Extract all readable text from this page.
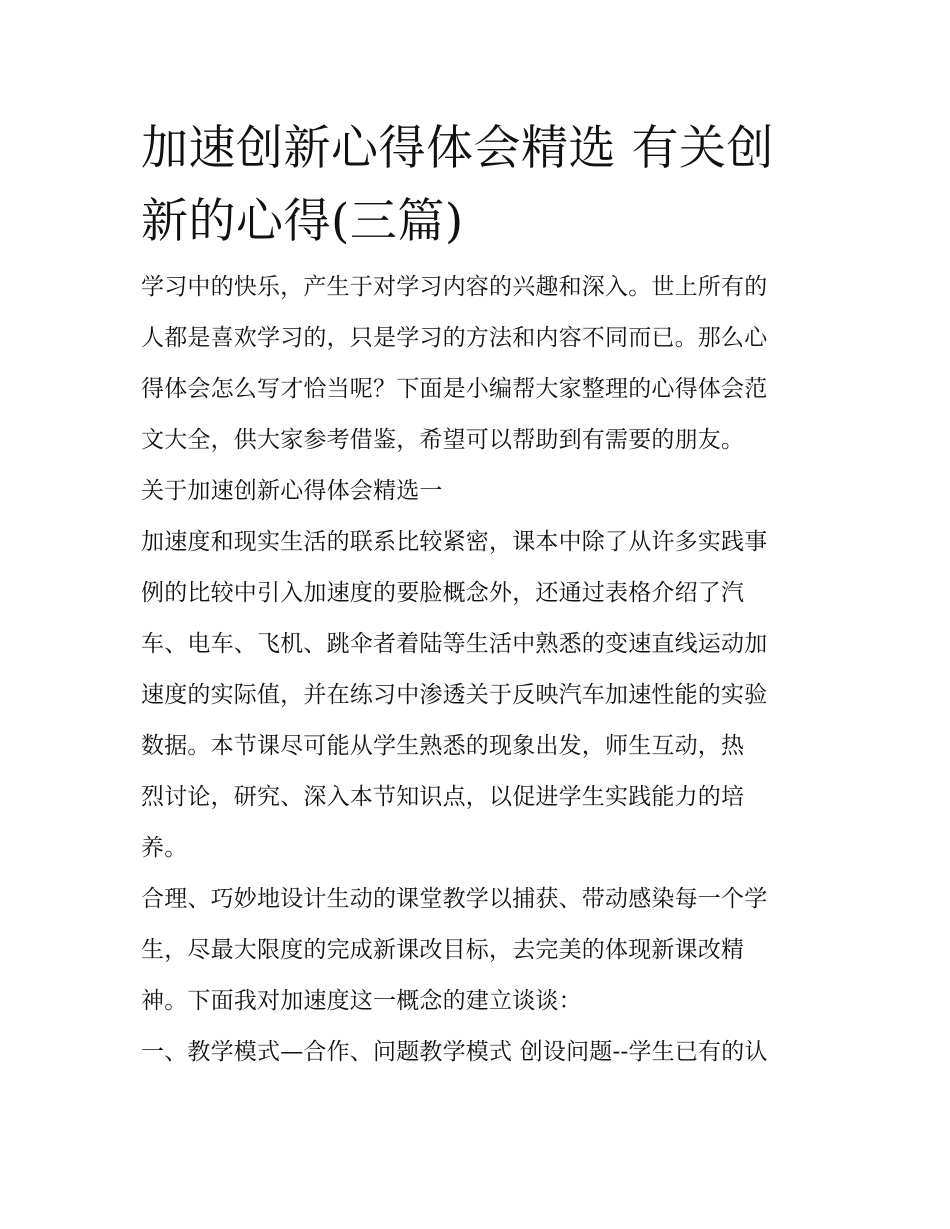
加速创新心得体会精选 有关创
新的心得(三篇)
学习中的快乐，产生于对学习内容的兴趣和深入。世上所有的
人都是喜欢学习的，只是学习的方法和内容不同而已。那么心
得体会怎么写才恰当呢？下面是小编帮大家整理的心得体会范
文大全，供大家参考借鉴，希望可以帮助到有需要的朋友。
关于加速创新心得体会精选一
加速度和现实生活的联系比较紧密，课本中除了从许多实践事
例的比较中引入加速度的要脸概念外，还通过表格介绍了汽
车、电车、飞机、跳伞者着陆等生活中熟悉的变速直线运动加
速度的实际值，并在练习中渗透关于反映汽车加速性能的实验
数据。本节课尽可能从学生熟悉的现象出发，师生互动，热
烈讨论，研究、深入本节知识点，以促进学生实践能力的培
养。
合理、巧妙地设计生动的课堂教学以捕获、带动感染每一个学
生，尽最大限度的完成新课改目标，去完美的体现新课改精
神。下面我对加速度这一概念的建立谈谈：
一、教学模式—合作、问题教学模式 创设问题--学生已有的认
